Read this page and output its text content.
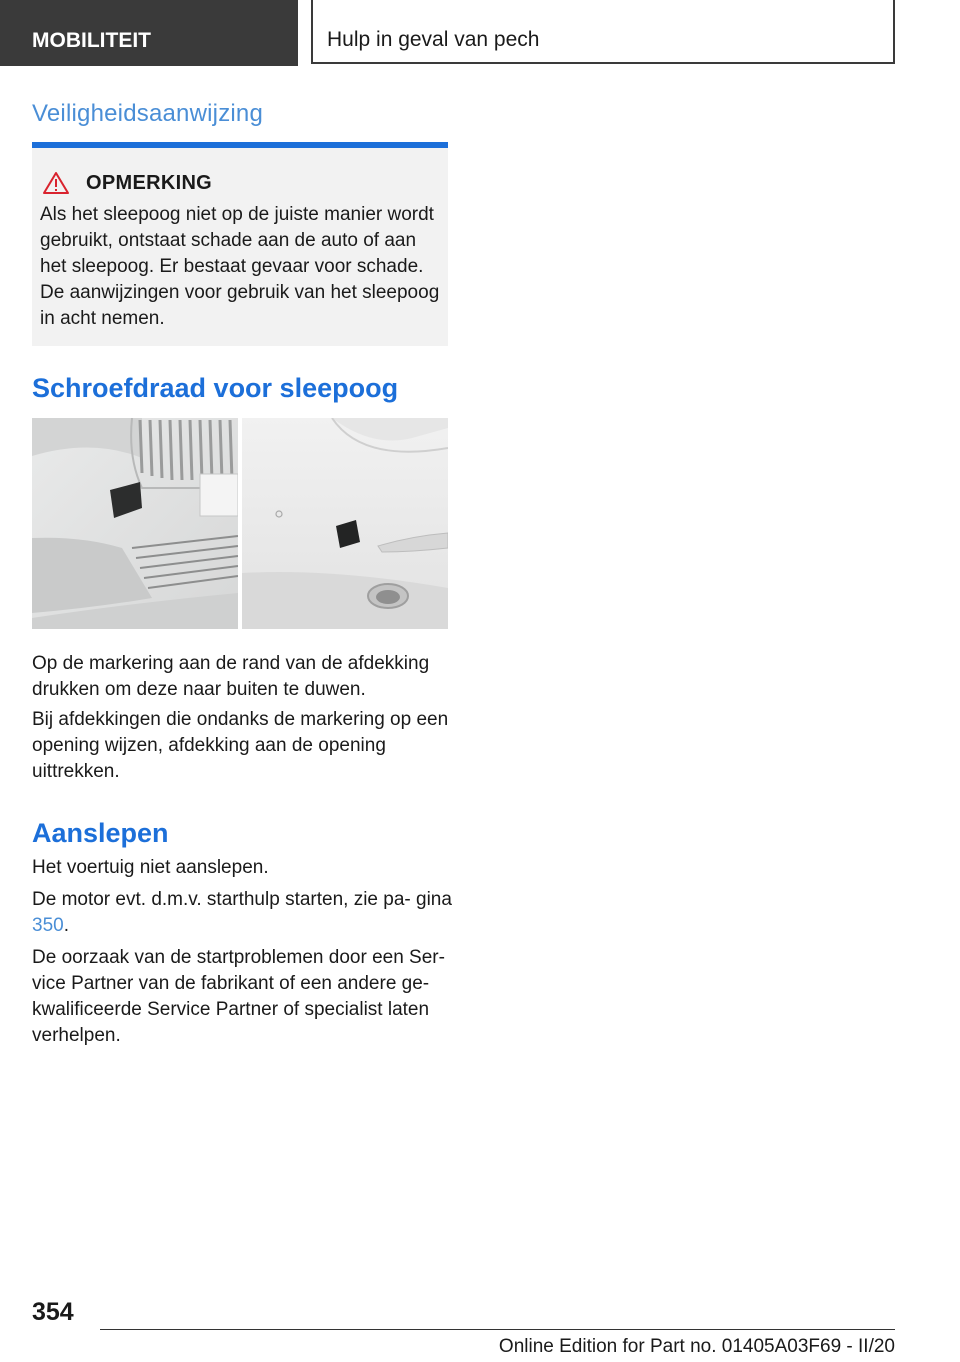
MOBILITEIT	Hulp in geval van pech
Veiligheidsaanwijzing
OPMERKING

Als het sleepoog niet op de juiste manier wordt gebruikt, ontstaat schade aan de auto of aan het sleepoog. Er bestaat gevaar voor schade. De aanwijzingen voor gebruik van het sleepoog in acht nemen.

Schroefdraad voor sleepoog

Op de markering aan de rand van de afdekking drukken om deze naar buiten te duwen.

Bij afdekkingen die ondanks de markering op een opening wijzen, afdekking aan de opening uittrekken.

Aanslepen

Het voertuig niet aanslepen.

De motor evt. d.m.v. starthulp starten, zie pa‐ gina 350.

De oorzaak van de startproblemen door een Ser‐ vice Partner van de fabrikant of een andere ge‐ kwalificeerde Service Partner of specialist laten verhelpen.

354
Online Edition for Part no. 01405A03F69 - II/20
